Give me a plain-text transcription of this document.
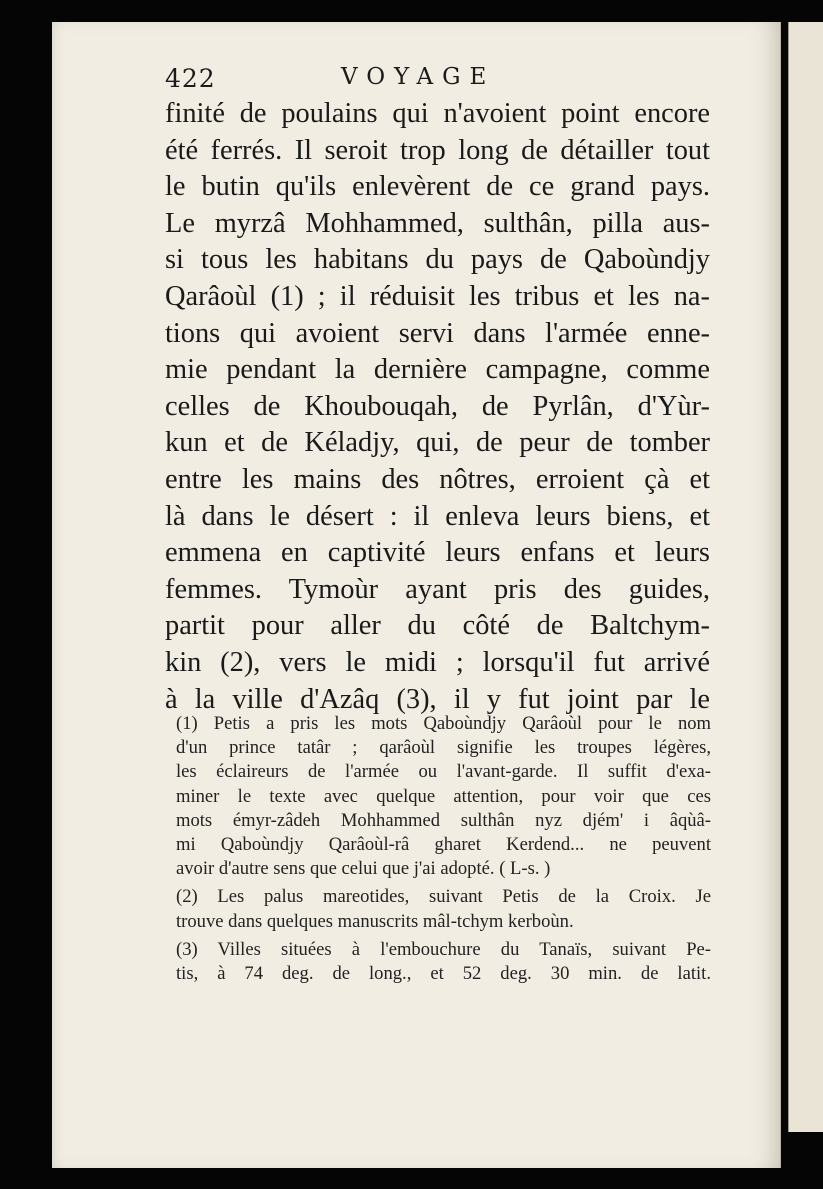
422	VOYAGE
finité de poulains qui n'avoient point encore
été ferrés. Il seroit trop long de détailler tout
le butin qu'ils enlevèrent de ce grand pays.
Le myrzâ Mohhammed, sulthân, pilla aus-
si tous les habitans du pays de Qaboùndjy
Qarâoùl (1) ; il réduisit les tribus et les na-
tions qui avoient servi dans l'armée enne-
mie pendant la dernière campagne, comme
celles de Khoubouqah, de Pyrlân, d'Yùr-
kun et de Kéladjy, qui, de peur de tomber
entre les mains des nôtres, erroient çà et
là dans le désert : il enleva leurs biens, et
emmena en captivité leurs enfans et leurs
femmes. Tymoùr ayant pris des guides,
partit pour aller du côté de Baltchym-
kin (2), vers le midi ; lorsqu'il fut arrivé
à la ville d'Azâq (3), il y fut joint par le
(1) Petis a pris les mots Qaboùndjy Qarâoùl pour le nom
d'un prince tatâr ; qarâoùl signifie les troupes légères,
les éclaireurs de l'armée ou l'avant-garde. Il suffit d'exa-
miner le texte avec quelque attention, pour voir que ces
mots émyr-zâdeh Mohhammed sulthân nyz djém' i âqùâ-
mi Qaboùndjy Qarâoùl-râ gharet Kerdend... ne peuvent
avoir d'autre sens que celui que j'ai adopté. ( L-s. )
(2) Les palus mareotides, suivant Petis de la Croix. Je
trouve dans quelques manuscrits mâl-tchym kerboùn.
(3) Villes situées à l'embouchure du Tanaïs, suivant Pe-
tis, à 74 deg. de long., et 52 deg. 30 min. de latit.
